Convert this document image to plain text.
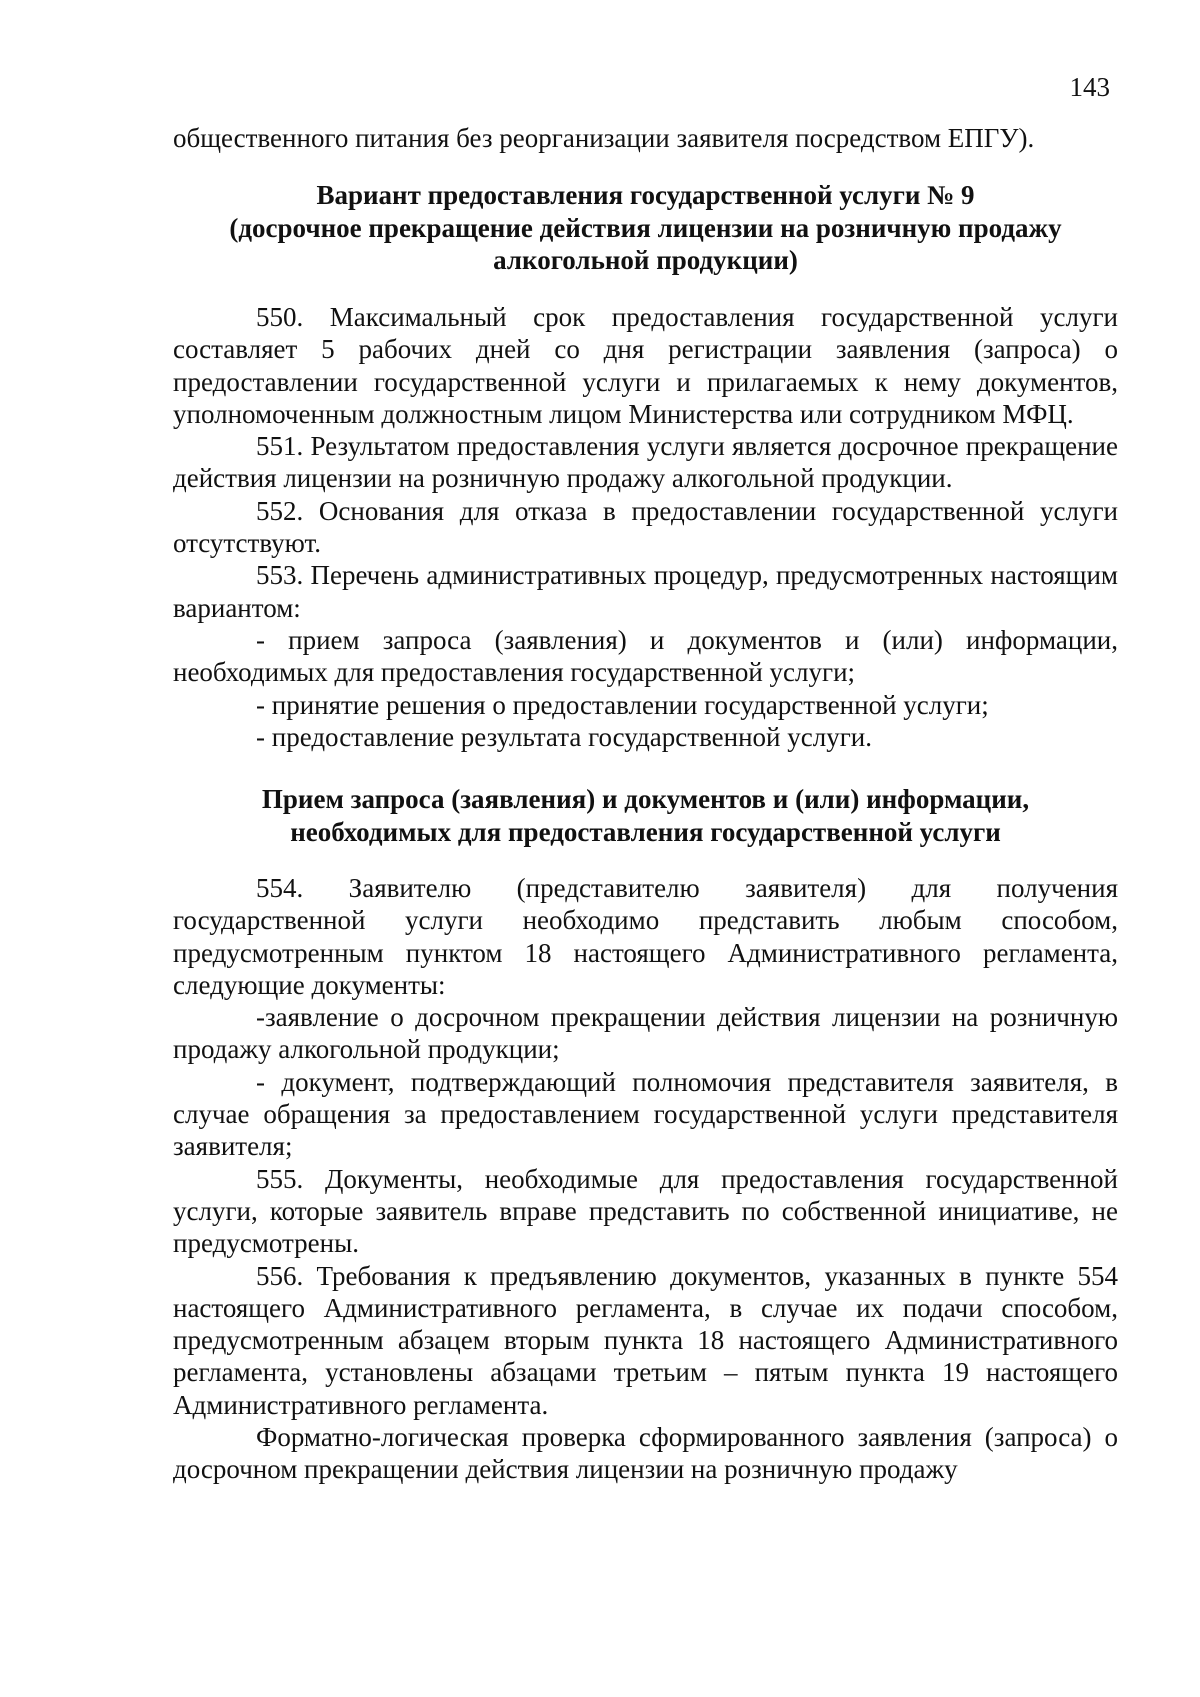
143

общественного питания без реорганизации заявителя посредством ЕПГУ).

Вариант предоставления государственной услуги № 9

(досрочное прекращение действия лицензии на розничную продажу

алкогольной продукции)

550. Максимальный срок предоставления государственной услуги составляет 5 рабочих дней со дня регистрации заявления (запроса) о предоставлении государственной услуги и прилагаемых к нему документов, уполномоченным должностным лицом Министерства или сотрудником МФЦ.

551. Результатом предоставления услуги является досрочное прекращение действия лицензии на розничную продажу алкогольной продукции.

552. Основания для отказа в предоставлении государственной услуги отсутствуют.

553. Перечень административных процедур, предусмотренных настоящим вариантом:

- прием запроса (заявления) и документов и (или) информации, необходимых для предоставления государственной услуги;

- принятие решения о предоставлении государственной услуги;

- предоставление результата государственной услуги.

Прием запроса (заявления) и документов и (или) информации,

необходимых для предоставления государственной услуги

554. Заявителю (представителю заявителя) для получения государственной услуги необходимо представить любым способом, предусмотренным пунктом 18 настоящего Административного регламента, следующие документы:

-заявление о досрочном прекращении действия лицензии на розничную продажу алкогольной продукции;

- документ, подтверждающий полномочия представителя заявителя, в случае обращения за предоставлением государственной услуги представителя заявителя;

555. Документы, необходимые для предоставления государственной услуги, которые заявитель вправе представить по собственной инициативе, не предусмотрены.

556. Требования к предъявлению документов, указанных в пункте 554 настоящего Административного регламента, в случае их подачи способом, предусмотренным абзацем вторым пункта 18 настоящего Административного регламента, установлены абзацами третьим – пятым пункта 19 настоящего Административного регламента.

Форматно-логическая проверка сформированного заявления (запроса) о досрочном прекращении действия лицензии на розничную продажу
